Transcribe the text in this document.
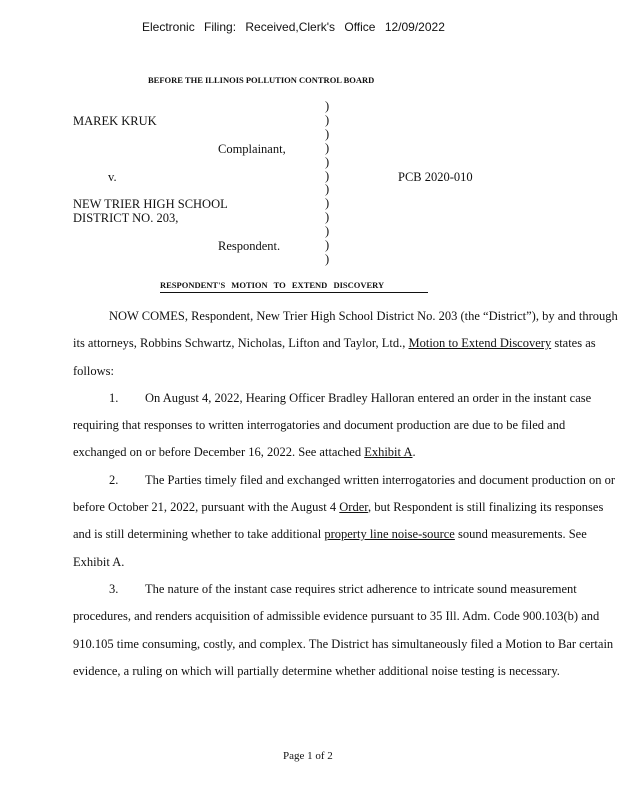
Electronic Filing: Received,Clerk's Office 12/09/2022
BEFORE THE ILLINOIS POLLUTION CONTROL BOARD
MAREK KRUK
Complainant,
v.
NEW TRIER HIGH SCHOOL
DISTRICT NO. 203,
Respondent.
PCB 2020-010
)
)
)
)
)
)
)
)
)
)
)
)
RESPONDENT'S MOTION TO EXTEND DISCOVERY

NOW COMES, Respondent, New Trier High School District No. 203 (the “District”), by and through its attorneys, Robbins Schwartz, Nicholas, Lifton and Taylor, Ltd., Motion to Extend Discovery states as follows:

1. On August 4, 2022, Hearing Officer Bradley Halloran entered an order in the instant case requiring that responses to written interrogatories and document production are due to be filed and exchanged on or before December 16, 2022. See attached Exhibit A.

2. The Parties timely filed and exchanged written interrogatories and document production on or before October 21, 2022, pursuant with the August 4 Order, but Respondent is still finalizing its responses and is still determining whether to take additional property line noise-source sound measurements. See Exhibit A.

3. The nature of the instant case requires strict adherence to intricate sound measurement procedures, and renders acquisition of admissible evidence pursuant to 35 Ill. Adm. Code 900.103(b) and 910.105 time consuming, costly, and complex. The District has simultaneously filed a Motion to Bar certain evidence, a ruling on which will partially determine whether additional noise testing is necessary.

Page 1 of 2
